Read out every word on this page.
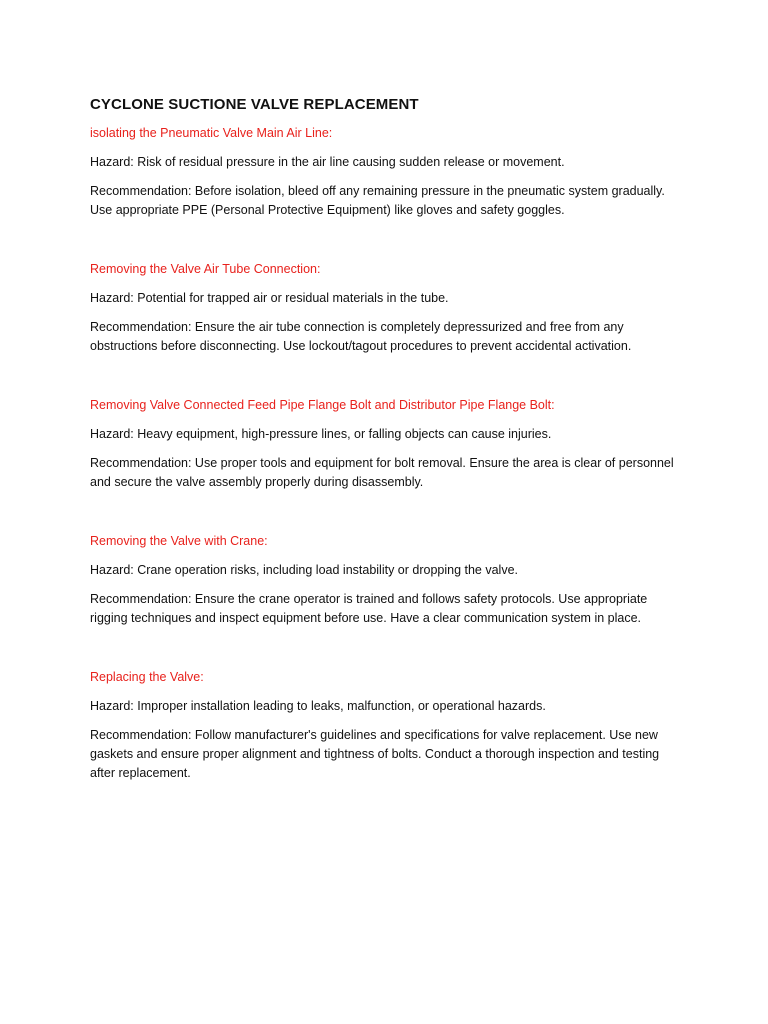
CYCLONE SUCTIONE VALVE REPLACEMENT
isolating the Pneumatic Valve Main Air Line:

Hazard: Risk of residual pressure in the air line causing sudden release or movement.

Recommendation: Before isolation, bleed off any remaining pressure in the pneumatic system gradually. Use appropriate PPE (Personal Protective Equipment) like gloves and safety goggles.

Removing the Valve Air Tube Connection:

Hazard: Potential for trapped air or residual materials in the tube.

Recommendation: Ensure the air tube connection is completely depressurized and free from any obstructions before disconnecting. Use lockout/tagout procedures to prevent accidental activation.

Removing Valve Connected Feed Pipe Flange Bolt and Distributor Pipe Flange Bolt:

Hazard: Heavy equipment, high-pressure lines, or falling objects can cause injuries.

Recommendation: Use proper tools and equipment for bolt removal. Ensure the area is clear of personnel and secure the valve assembly properly during disassembly.

Removing the Valve with Crane:

Hazard: Crane operation risks, including load instability or dropping the valve.

Recommendation: Ensure the crane operator is trained and follows safety protocols. Use appropriate rigging techniques and inspect equipment before use. Have a clear communication system in place.

Replacing the Valve:

Hazard: Improper installation leading to leaks, malfunction, or operational hazards.

Recommendation: Follow manufacturer's guidelines and specifications for valve replacement. Use new gaskets and ensure proper alignment and tightness of bolts. Conduct a thorough inspection and testing after replacement.
